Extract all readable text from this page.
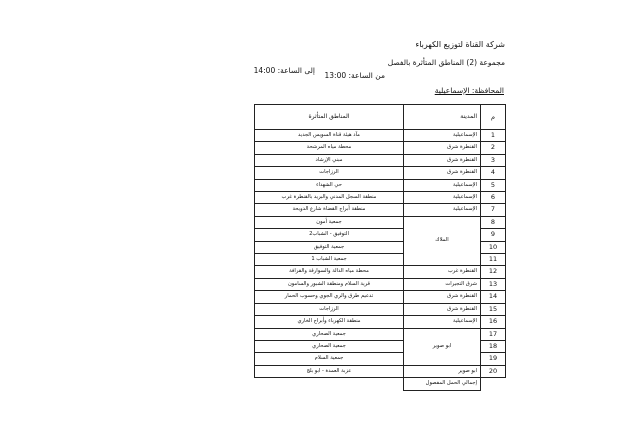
شركة القناة لتوزيع الكهرباء
مجموعة (2) المناطق المتأثرة بالفصل
من الساعة: 13:00
إلى الساعة: 14:00
المحافظة: الإسماعيلية
م	المدينة	المناطق المتأثرة
1	الإسماعيلية	مآذ هيئة قناة السويس الجديد
2	القنطرة شرق	محطة مياه المرشحة
3	القنطرة شرق	مبني الإرشاد
4	القنطرة شرق	الرزاجات
5	الإسماعيلية	حي الشهداء
6	الإسماعيلية	منطقة السجل المدني والبريد بالقنطرة غرب
7	الإسماعيلية	منطقة أبراج القضاة شارع الدويحة
8	الملاك	جمعية أمون
9		التوفيق - الشباب2
10		جمعية التوفيق
11		جمعية الشباب 1
12	القنطرة غرب	محطة مياه الدالة والسوارقة والقرافة
13	شرق التجيرات	قرية السلام ومنطقة الشبور والسامون
14	القنطرة شرق	تدعيم طرق والري الجوي وحسوب الحمار
15	القنطرة شرق	الرزاجات
16	الإسماعيلية	منطقة الكهرباء وأبراج الخاري
17	ابو صوير	جمعية الصحاري
18		جمعية الصحاري
19		جمعية السلام
20	ابو صوير	عزبة العمدة - ابو بلج
	إجمالي الحمل المفصول	
